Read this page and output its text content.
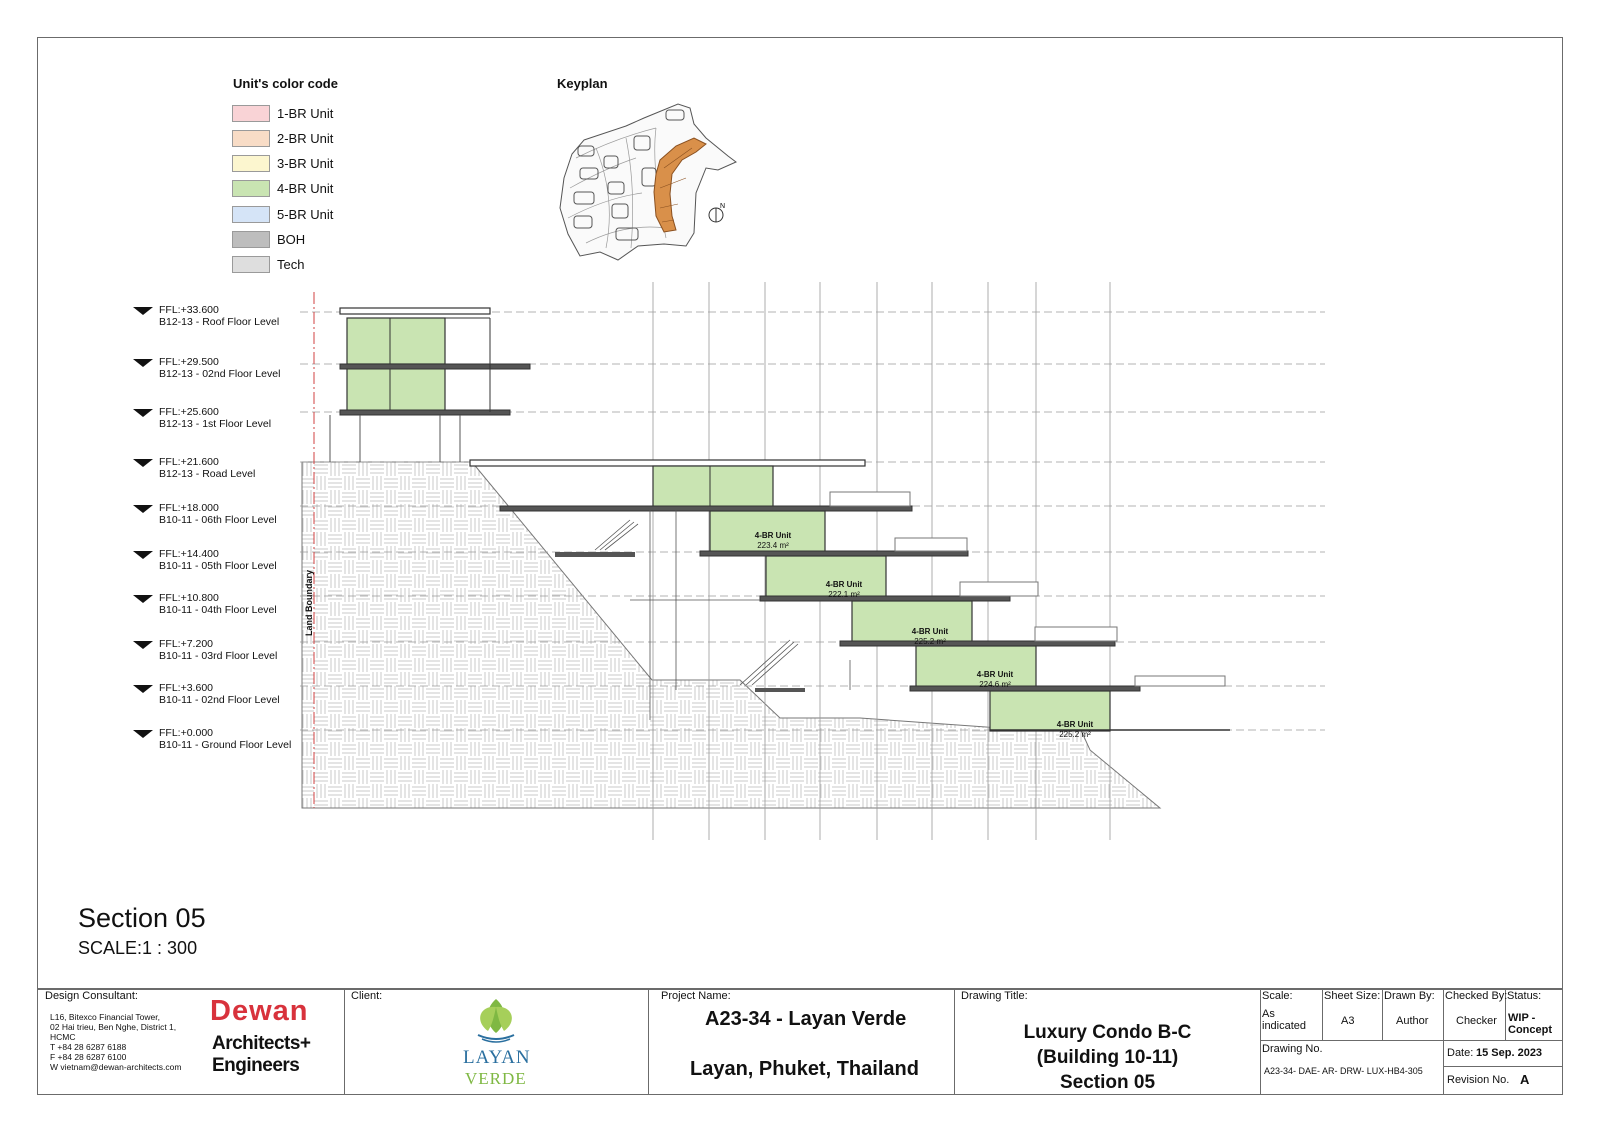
Unit's color code
1-BR Unit
2-BR Unit
3-BR Unit
4-BR Unit
5-BR Unit
BOH
Tech
Keyplan
N
FFL:+33.600
B12-13 - Roof Floor Level
FFL:+29.500
B12-13 - 02nd Floor Level
FFL:+25.600
B12-13 - 1st Floor Level
FFL:+21.600
B12-13 - Road Level
FFL:+18.000
B10-11 - 06th Floor Level
FFL:+14.400
B10-11 - 05th Floor Level
FFL:+10.800
B10-11 - 04th Floor Level
FFL:+7.200
B10-11 - 03rd Floor Level
FFL:+3.600
B10-11 - 02nd Floor Level
FFL:+0.000
B10-11 - Ground Floor Level
Land Boundary
4-BR Unit
223.4 m²
4-BR Unit
222.1 m²
4-BR Unit
225.2 m²
4-BR Unit
224.6 m²
4-BR Unit
225.2 m²
Section 05
SCALE:1 : 300
Design Consultant:
L16, Bitexco Financial Tower,
02 Hai trieu, Ben Nghe, District 1,
HCMC
T +84 28 6287 6188
F +84 28 6287 6100
W vietnam@dewan-architects.com
Dewan
Architects+
Engineers
Client:
LAYAN
VERDE
Project Name:
A23-34 - Layan Verde
Layan, Phuket, Thailand
Drawing Title:
Luxury Condo B-C
(Building 10-11)
Section 05
Scale:
As
indicated
Sheet Size:
A3
Drawn By:
Author
Checked By:
Checker
Status:
WIP -
Concept
Drawing No.
A23-34- DAE- AR- DRW- LUX-HB4-305
Date: 15 Sep. 2023
Revision No. A
